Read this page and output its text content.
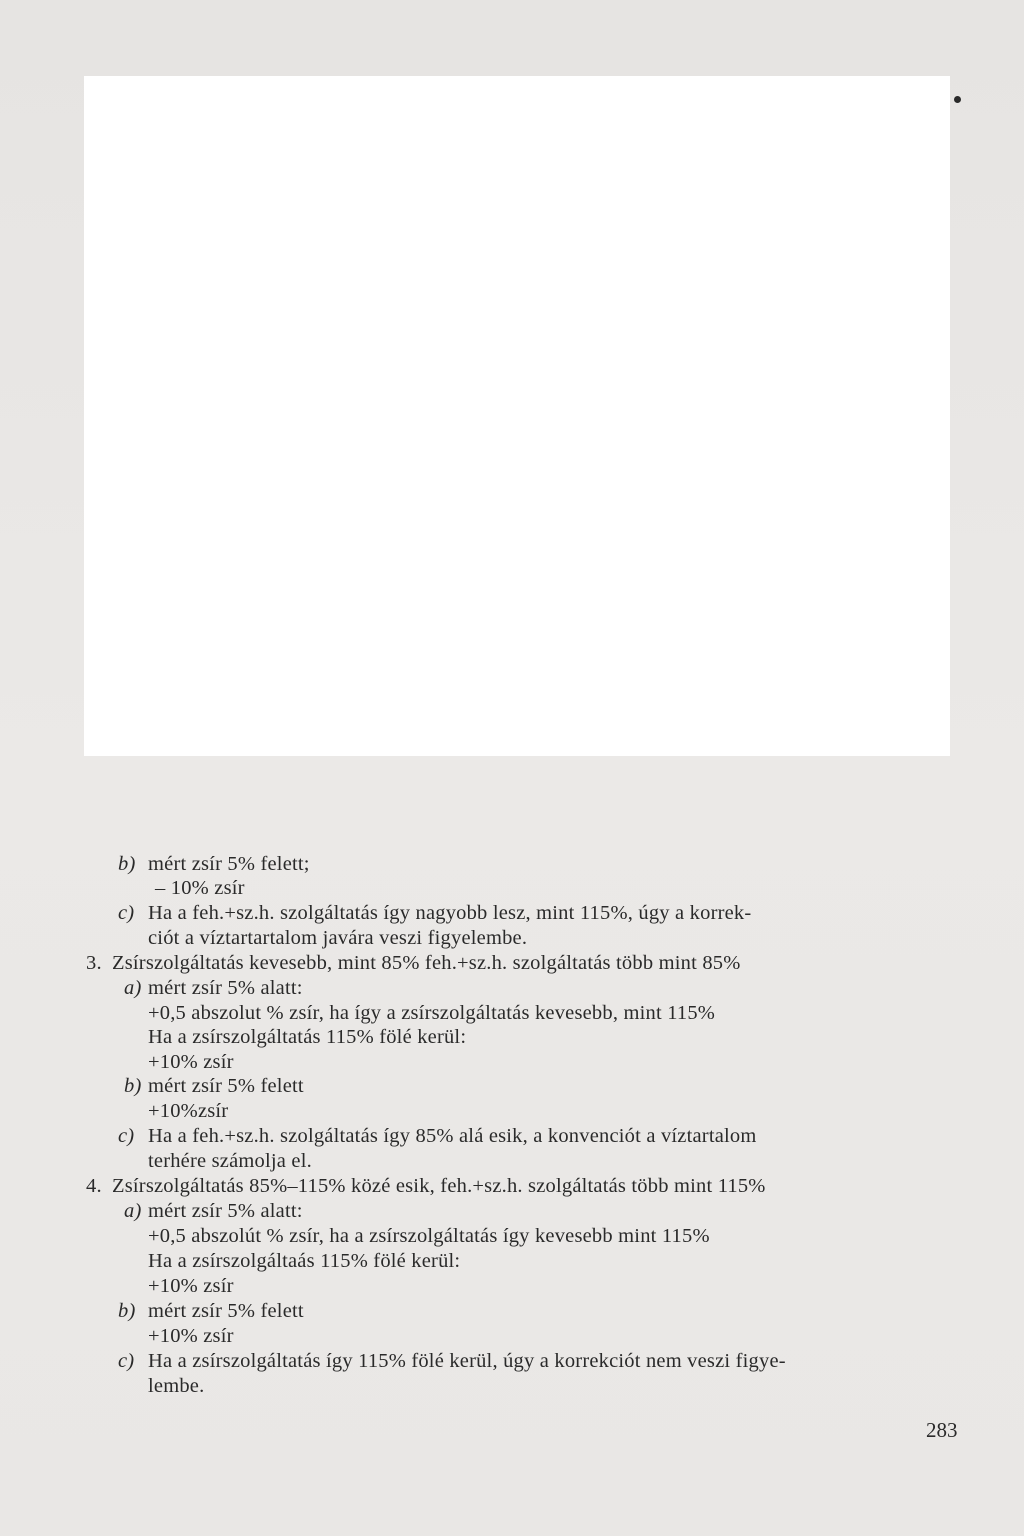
b) mért zsír 5% felett;
– 10% zsír
c) Ha a feh.+sz.h. szolgáltatás így nagyobb lesz, mint 115%, úgy a korrek-
ciót a víztartartalom javára veszi figyelembe.
3. Zsírszolgáltatás kevesebb, mint 85% feh.+sz.h. szolgáltatás több mint 85%
a) mért zsír 5% alatt:
+0,5 abszolut % zsír, ha így a zsírszolgáltatás kevesebb, mint 115%
Ha a zsírszolgáltatás 115% fölé kerül:
+10% zsír
b) mért zsír 5% felett
+10%zsír
c) Ha a feh.+sz.h. szolgáltatás így 85% alá esik, a konvenciót a víztartalom
terhére számolja el.
4. Zsírszolgáltatás 85%–115% közé esik, feh.+sz.h. szolgáltatás több mint 115%
a) mért zsír 5% alatt:
+0,5 abszolút % zsír, ha a zsírszolgáltatás így kevesebb mint 115%
Ha a zsírszolgáltaás 115% fölé kerül:
+10% zsír
b) mért zsír 5% felett
+10% zsír
c) Ha a zsírszolgáltatás így 115% fölé kerül, úgy a korrekciót nem veszi figye-
lembe.
283
